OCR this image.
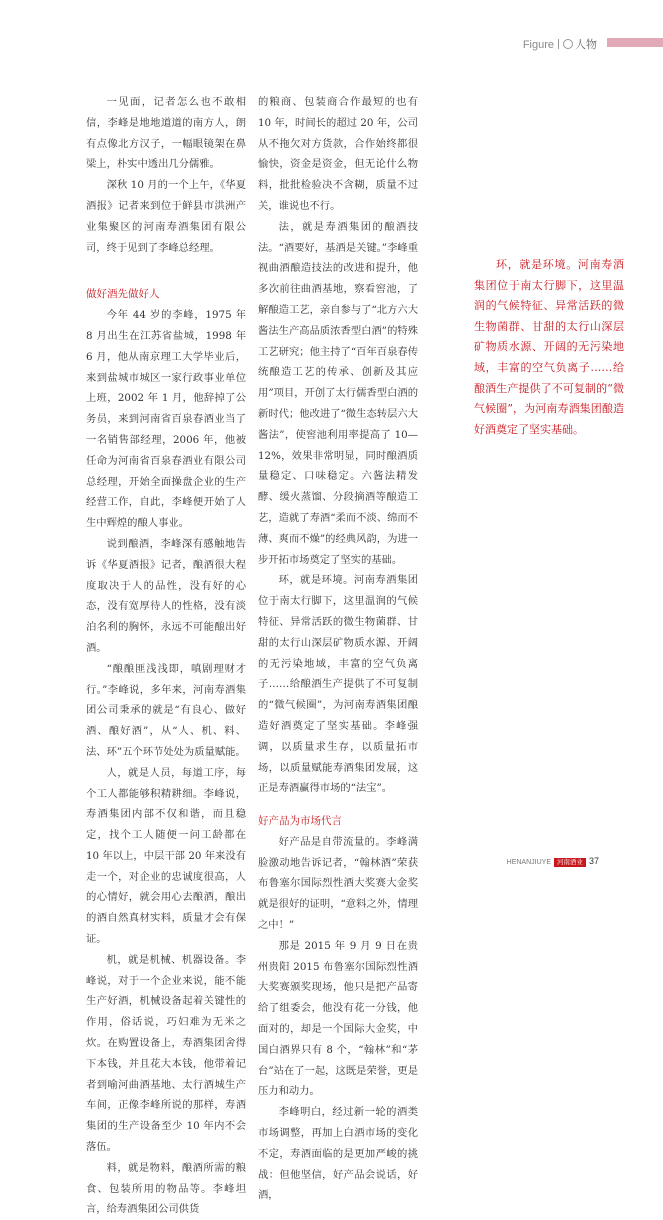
Figure 人物

一见面，记者怎么也不敢相信，李峰是地地道道的南方人，朗有点像北方汉子，一幅眼镜架在鼻梁上，朴实中透出几分儒雅。

深秋 10 月的一个上午，《华夏酒报》记者来到位于鲜县市洪洲产业集聚区的河南寿酒集团有限公司，终于见到了李峰总经理。

做好酒先做好人

今年 44 岁的李峰，1975 年 8 月出生在江苏省盐城，1998 年 6 月，他从南京理工大学毕业后，来到盐城市城区一家行政事业单位上班，2002 年 1 月，他辞掉了公务员，来到河南省百泉春酒业当了一名销售部经理，2006 年，他被任命为河南省百泉春酒业有限公司总经理，开始全面操盘企业的生产经营工作，自此，李峰便开始了人生中辉煌的酿人事业。

说到酿酒，李峰深有感触地告诉《华夏酒报》记者，酿酒很大程度取决于人的品性，没有好的心态，没有宽厚待人的性格，没有淡泊名利的胸怀，永远不可能酿出好酒。

“酿酿匪浅浅即，嗔剧理财才行。”李峰说，多年来，河南寿酒集团公司秉承的就是“有良心、做好酒、酿好酒”，从“人、机、料、法、环”五个环节处处为质量赋能。

人，就是人员，每道工序，每个工人都能够积精耕细。李峰说，寿酒集团内部不仅和谐，而且稳定，找个工人随便一问工龄都在 10 年以上，中层干部 20 年来没有走一个，对企业的忠诚度很高，人的心情好，就会用心去酿酒，酿出的酒自然真材实料，质量才会有保证。

机，就是机械、机器设备。李峰说，对于一个企业来说，能不能生产好酒，机械设备起着关键性的作用，俗话说，巧妇难为无米之炊。在购置设备上，寿酒集团舍得下本钱，并且花大本钱，他带着记者到喻河曲酒基地、太行酒城生产车间，正像李峰所说的那样，寿酒集团的生产设备至少 10 年内不会落伍。

料，就是物料，酿酒所需的粮食、包装所用的物品等。李峰坦言，给寿酒集团公司供货

的粮商、包装商合作最短的也有 10 年，时间长的超过 20 年，公司从不拖欠对方货款，合作始终都很愉快，资金是资金，但无论什么物料，批批检验决不含糊，质量不过关，谁说也不行。

法，就是寿酒集团的酿酒技法。“酒要好，基酒是关键。”李峰重视曲酒酿造技法的改进和提升，他多次前往曲酒基地，察看窖池，了解酿造工艺，亲自参与了“北方六大酱法生产高品质浓香型白酒”的特殊工艺研究；他主持了“百年百泉春传统酿造工艺的传承、创新及其应用”项目，开创了太行儒香型白酒的新时代；他改进了“微生态转层六大酱法”，使窖池利用率提高了 10—12%，效果非常明显，同时酿酒质量稳定、口味稳定。六酱法精发酵、缓火蒸馏、分段摘酒等酿造工艺，造就了寿酒“柔而不淡、绵而不薄、爽而不燥”的经典风韵，为进一步开拓市场奠定了坚实的基础。

环，就是环境。河南寿酒集团位于南太行脚下，这里温润的气候特征、异常活跃的微生物菌群、甘甜的太行山深层矿物质水源、开阔的无污染地域，丰富的空气负离子……给酿酒生产提供了不可复制的“微气候圈”，为河南寿酒集团酿造好酒奠定了坚实基础。李峰强调，以质量求生存，以质量拓市场，以质量赋能寿酒集团发展，这正是寿酒赢得市场的“法宝”。

好产品为市场代言

好产品是自带流量的。李峰满脸激动地告诉记者，“翰林酒”荣获布鲁塞尔国际烈性酒大奖赛大金奖就是很好的证明，“意料之外，情理之中！”

那是 2015 年 9 月 9 日在贵州贵阳 2015 布鲁塞尔国际烈性酒大奖赛颁奖现场，他只是把产品寄给了组委会，他没有花一分钱，他面对的，却是一个国际大金奖，中国白酒界只有 8 个，“翰林”和“茅台”站在了一起，这既是荣誉，更是压力和动力。

李峰明白，经过新一轮的酒类市场调整，再加上白酒市场的变化不定，寿酒面临的是更加严峻的挑战：但他坚信，好产品会说话，好酒，

环，就是环境。河南寿酒集团位于南太行脚下，这里温润的气候特征、异常活跃的微生物菌群、甘甜的太行山深层矿物质水源、开阔的无污染地域，丰富的空气负离子……给酿酒生产提供了不可复制的“微气候圈”，为河南寿酒集团酿造好酒奠定了坚实基础。
HENANJIUYE 河南酒业 37
